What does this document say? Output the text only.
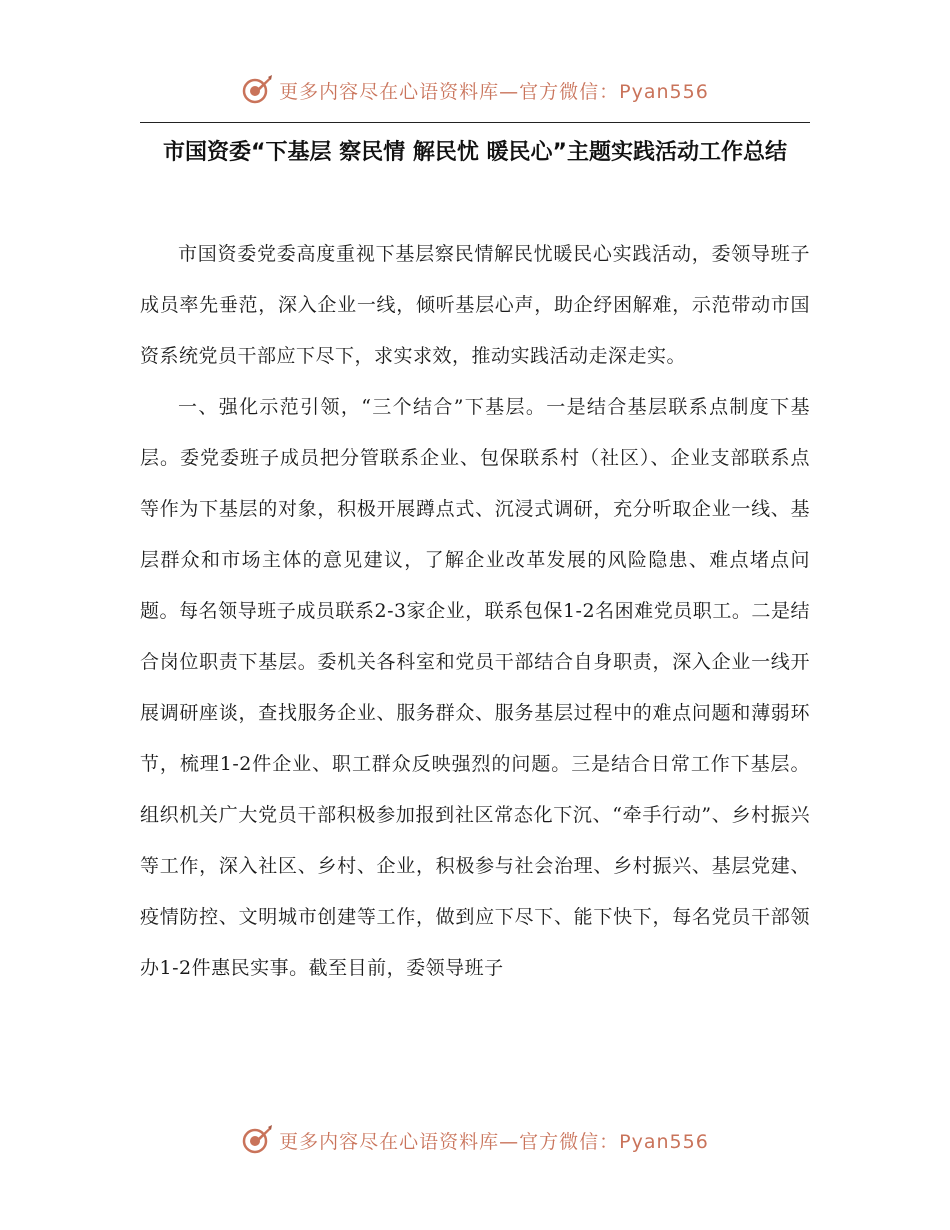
更多内容尽在心语资料库—官方微信：Pyan556
市国资委“下基层 察民情 解民忧 暖民心”主题实践活动工作总结

市国资委党委高度重视下基层察民情解民忧暖民心实践活动，委领导班子成员率先垂范，深入企业一线，倾听基层心声，助企纾困解难，示范带动市国资系统党员干部应下尽下，求实求效，推动实践活动走深走实。

一、强化示范引领，“三个结合”下基层。一是结合基层联系点制度下基层。委党委班子成员把分管联系企业、包保联系村（社区）、企业支部联系点等作为下基层的对象，积极开展蹲点式、沉浸式调研，充分听取企业一线、基层群众和市场主体的意见建议，了解企业改革发展的风险隐患、难点堵点问题。每名领导班子成员联系2-3家企业，联系包保1-2名困难党员职工。二是结合岗位职责下基层。委机关各科室和党员干部结合自身职责，深入企业一线开展调研座谈，查找服务企业、服务群众、服务基层过程中的难点问题和薄弱环节，梳理1-2件企业、职工群众反映强烈的问题。三是结合日常工作下基层。组织机关广大党员干部积极参加报到社区常态化下沉、“牵手行动”、乡村振兴等工作，深入社区、乡村、企业，积极参与社会治理、乡村振兴、基层党建、疫情防控、文明城市创建等工作，做到应下尽下、能下快下，每名党员干部领办1-2件惠民实事。截至目前，委领导班子

更多内容尽在心语资料库—官方微信：Pyan556
